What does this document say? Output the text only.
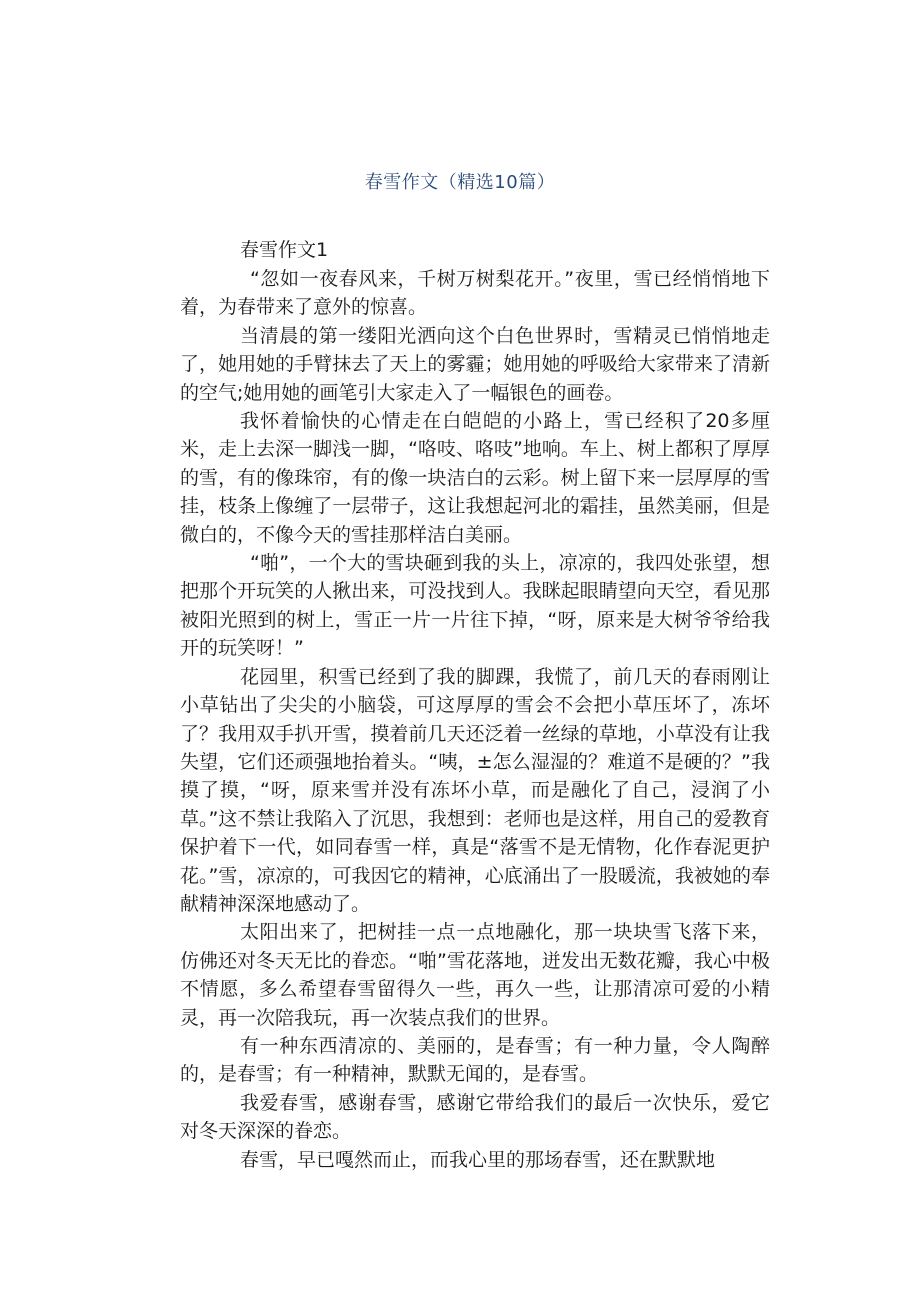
春雪作文（精选10篇）

春雪作文1

“忽如一夜春风来，千树万树梨花开。”夜里，雪已经悄悄地下着，为春带来了意外的惊喜。

当清晨的第一缕阳光洒向这个白色世界时，雪精灵已悄悄地走了，她用她的手臂抹去了天上的雾霾；她用她的呼吸给大家带来了清新的空气;她用她的画笔引大家走入了一幅银色的画卷。

我怀着愉快的心情走在白皑皑的小路上，雪已经积了20多厘米，走上去深一脚浅一脚，“咯吱、咯吱”地响。车上、树上都积了厚厚的雪，有的像珠帘，有的像一块洁白的云彩。树上留下来一层厚厚的雪挂，枝条上像缠了一层带子，这让我想起河北的霜挂，虽然美丽，但是微白的，不像今天的雪挂那样洁白美丽。

“啪”，一个大的雪块砸到我的头上，凉凉的，我四处张望，想把那个开玩笑的人揪出来，可没找到人。我眯起眼睛望向天空，看见那被阳光照到的树上，雪正一片一片往下掉，“呀，原来是大树爷爷给我开的玩笑呀！”

花园里，积雪已经到了我的脚踝，我慌了，前几天的春雨刚让小草钻出了尖尖的小脑袋，可这厚厚的雪会不会把小草压坏了，冻坏了？我用双手扒开雪，摸着前几天还泛着一丝绿的草地，小草没有让我失望，它们还顽强地抬着头。“咦，±怎么湿湿的？难道不是硬的？”我摸了摸，“呀，原来雪并没有冻坏小草，而是融化了自己，浸润了小草。”这不禁让我陷入了沉思，我想到：老师也是这样，用自己的爱教育保护着下一代，如同春雪一样，真是“落雪不是无情物，化作春泥更护花。”雪，凉凉的，可我因它的精神，心底涌出了一股暖流，我被她的奉献精神深深地感动了。

太阳出来了，把树挂一点一点地融化，那一块块雪飞落下来，仿佛还对冬天无比的眷恋。“啪”雪花落地，迸发出无数花瓣，我心中极不情愿，多么希望春雪留得久一些，再久一些，让那清凉可爱的小精灵，再一次陪我玩，再一次装点我们的世界。

有一种东西清凉的、美丽的，是春雪；有一种力量，令人陶醉的，是春雪；有一种精神，默默无闻的，是春雪。

我爱春雪，感谢春雪，感谢它带给我们的最后一次快乐，爱它对冬天深深的眷恋。

春雪，早已嘎然而止，而我心里的那场春雪，还在默默地
